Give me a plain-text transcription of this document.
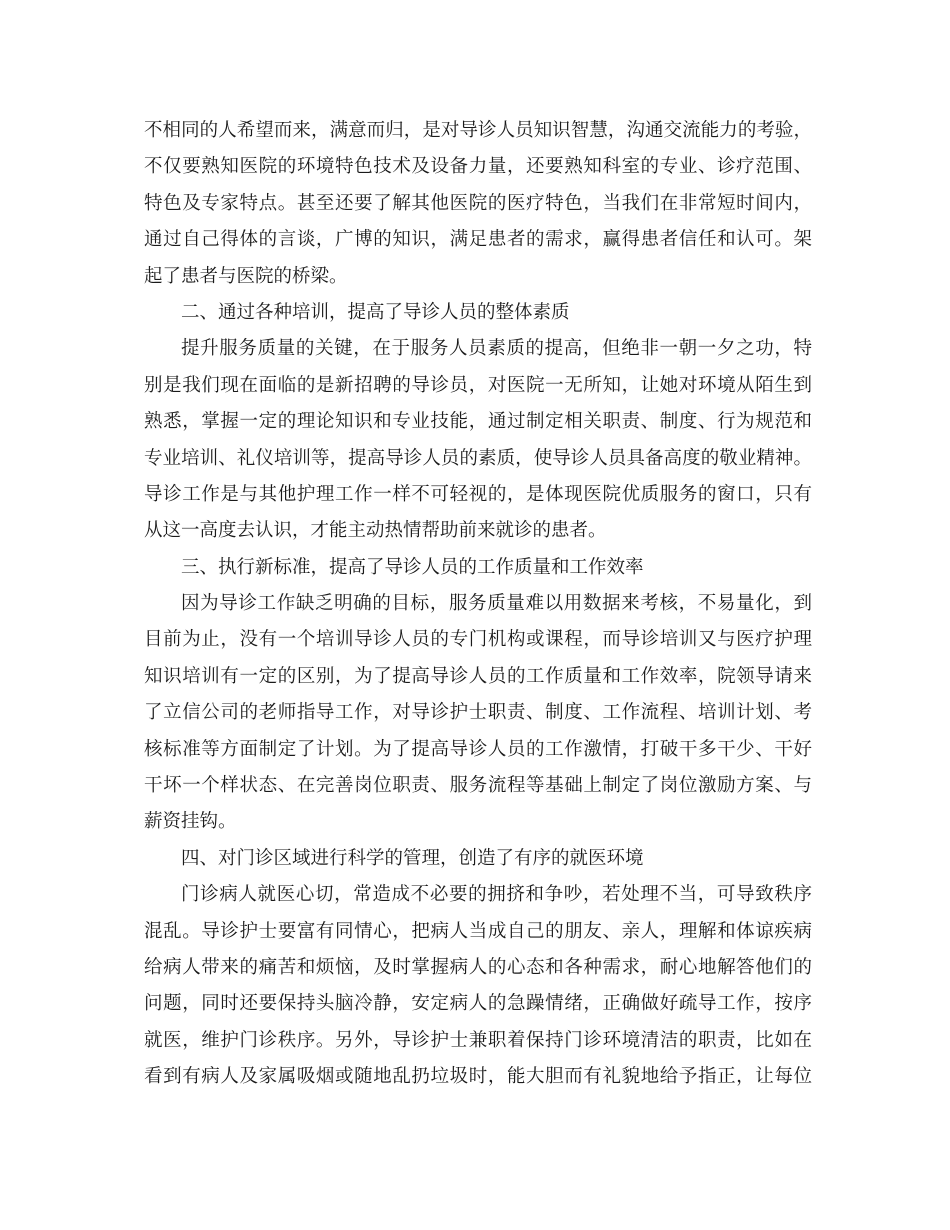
不相同的人希望而来，满意而归，是对导诊人员知识智慧，沟通交流能力的考验，
不仅要熟知医院的环境特色技术及设备力量，还要熟知科室的专业、诊疗范围、
特色及专家特点。甚至还要了解其他医院的医疗特色，当我们在非常短时间内，
通过自己得体的言谈，广博的知识，满足患者的需求，赢得患者信任和认可。架
起了患者与医院的桥梁。
二、通过各种培训，提高了导诊人员的整体素质
提升服务质量的关键，在于服务人员素质的提高，但绝非一朝一夕之功，特
别是我们现在面临的是新招聘的导诊员，对医院一无所知，让她对环境从陌生到
熟悉，掌握一定的理论知识和专业技能，通过制定相关职责、制度、行为规范和
专业培训、礼仪培训等，提高导诊人员的素质，使导诊人员具备高度的敬业精神。
导诊工作是与其他护理工作一样不可轻视的，是体现医院优质服务的窗口，只有
从这一高度去认识，才能主动热情帮助前来就诊的患者。
三、执行新标准，提高了导诊人员的工作质量和工作效率
因为导诊工作缺乏明确的目标，服务质量难以用数据来考核，不易量化，到
目前为止，没有一个培训导诊人员的专门机构或课程，而导诊培训又与医疗护理
知识培训有一定的区别，为了提高导诊人员的工作质量和工作效率，院领导请来
了立信公司的老师指导工作，对导诊护士职责、制度、工作流程、培训计划、考
核标准等方面制定了计划。为了提高导诊人员的工作激情，打破干多干少、干好
干坏一个样状态、在完善岗位职责、服务流程等基础上制定了岗位激励方案、与
薪资挂钩。
四、对门诊区域进行科学的管理，创造了有序的就医环境
门诊病人就医心切，常造成不必要的拥挤和争吵，若处理不当，可导致秩序
混乱。导诊护士要富有同情心，把病人当成自己的朋友、亲人，理解和体谅疾病
给病人带来的痛苦和烦恼，及时掌握病人的心态和各种需求，耐心地解答他们的
问题，同时还要保持头脑冷静，安定病人的急躁情绪，正确做好疏导工作，按序
就医，维护门诊秩序。另外，导诊护士兼职着保持门诊环境清洁的职责，比如在
看到有病人及家属吸烟或随地乱扔垃圾时，能大胆而有礼貌地给予指正，让每位
